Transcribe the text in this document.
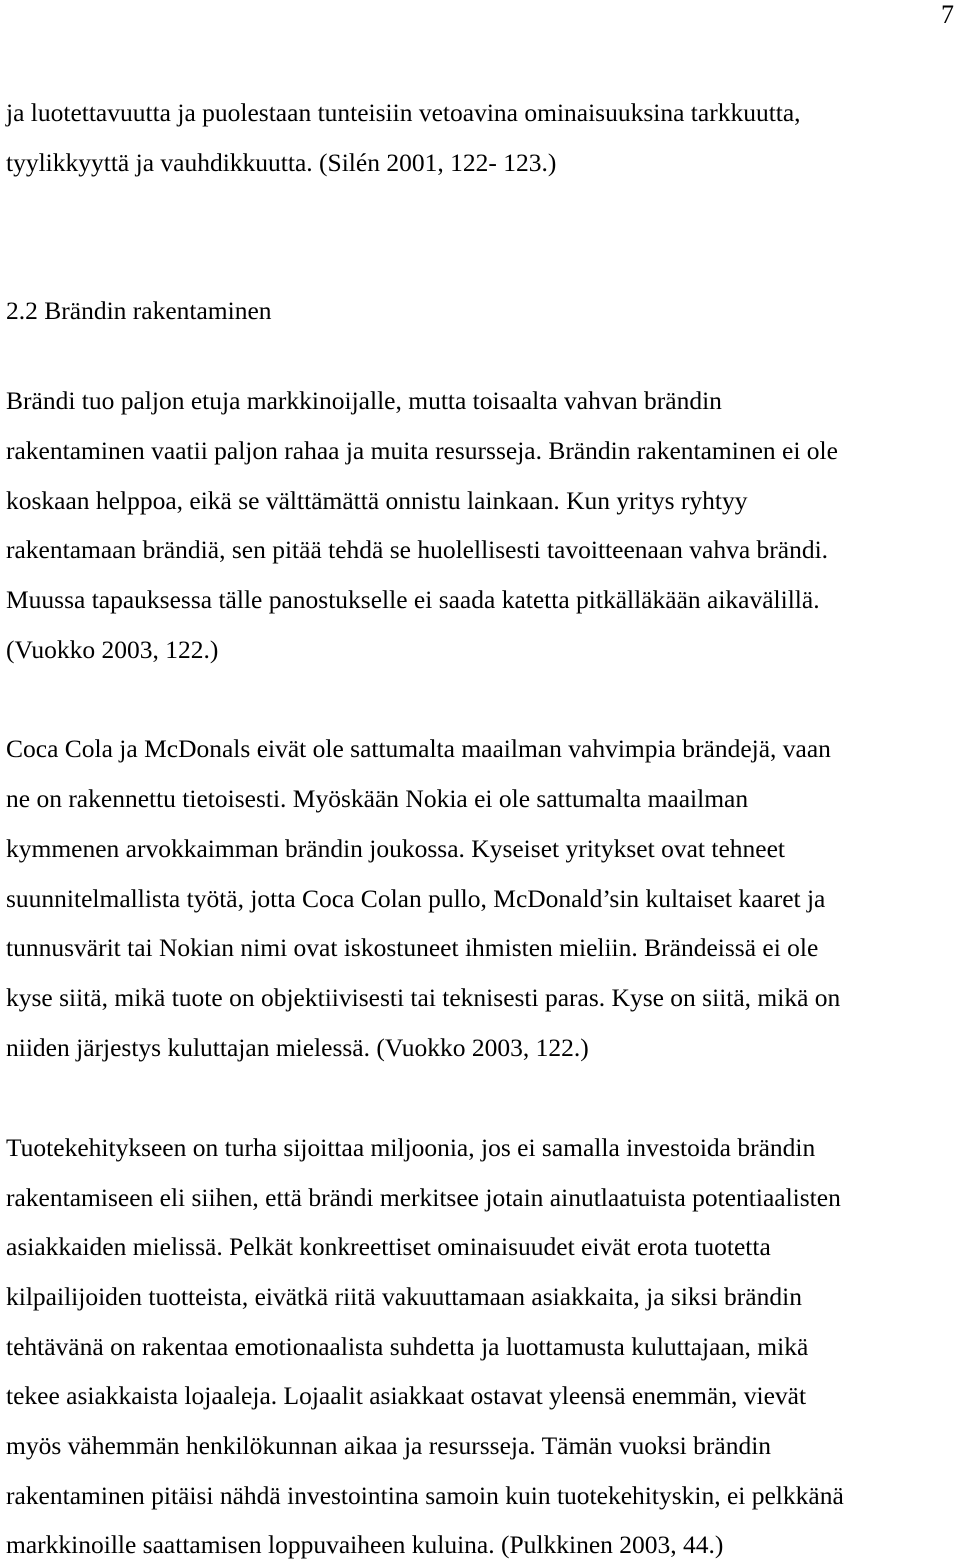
7
ja luotettavuutta ja puolestaan tunteisiin vetoavina ominaisuuksina tarkkuutta,
tyylikkyyttä ja vauhdikkuutta. (Silén 2001, 122- 123.)
2.2 Brändin rakentaminen
Brändi tuo paljon etuja markkinoijalle, mutta toisaalta vahvan brändin
rakentaminen vaatii paljon rahaa ja muita resursseja. Brändin rakentaminen ei ole
koskaan helppoa, eikä se välttämättä onnistu lainkaan. Kun yritys ryhtyy
rakentamaan brändiä, sen pitää tehdä se huolellisesti tavoitteenaan vahva brändi.
Muussa tapauksessa tälle panostukselle ei saada katetta pitkälläkään aikavälillä.
(Vuokko 2003, 122.)
Coca Cola ja McDonals eivät ole sattumalta maailman vahvimpia brändejä, vaan
ne on rakennettu tietoisesti. Myöskään Nokia ei ole sattumalta maailman
kymmenen arvokkaimman brändin joukossa. Kyseiset yritykset ovat tehneet
suunnitelmallista työtä, jotta Coca Colan pullo, McDonald’sin kultaiset kaaret ja
tunnusvärit tai Nokian nimi ovat iskostuneet ihmisten mieliin. Brändeissä ei ole
kyse siitä, mikä tuote on objektiivisesti tai teknisesti paras. Kyse on siitä, mikä on
niiden järjestys kuluttajan mielessä. (Vuokko 2003, 122.)
Tuotekehitykseen on turha sijoittaa miljoonia, jos ei samalla investoida brändin
rakentamiseen eli siihen, että brändi merkitsee jotain ainutlaatuista potentiaalisten
asiakkaiden mielissä. Pelkät konkreettiset ominaisuudet eivät erota tuotetta
kilpailijoiden tuotteista, eivätkä riitä vakuuttamaan asiakkaita, ja siksi brändin
tehtävänä on rakentaa emotionaalista suhdetta ja luottamusta kuluttajaan, mikä
tekee asiakkaista lojaaleja. Lojaalit asiakkaat ostavat yleensä enemmän, vievät
myös vähemmän henkilökunnan aikaa ja resursseja. Tämän vuoksi brändin
rakentaminen pitäisi nähdä investointina samoin kuin tuotekehityskin, ei pelkkänä
markkinoille saattamisen loppuvaiheen kuluina. (Pulkkinen 2003, 44.)
